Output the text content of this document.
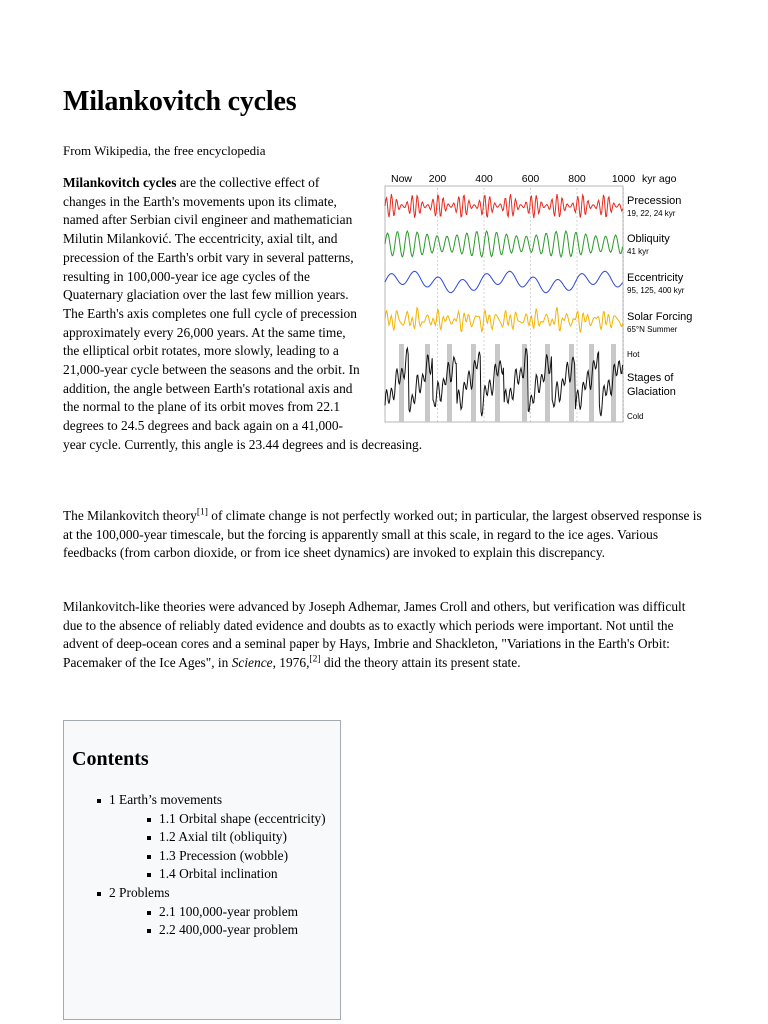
Milankovitch cycles
From Wikipedia, the free encyclopedia
Now 200	400	600	800 1000 kyr ago
Precession
19, 22, 24 kyr
Obliquity
41 kyr
Eccentricity
95, 125, 400 kyr
Solar Forcing
65°N Summer
Hot
Stages of
Glaciation
Cold

Milankovitch cycles are the collective effect of changes in the Earth's movements upon its climate, named after Serbian civil engineer and mathematician Milutin Milanković. The eccentricity, axial tilt, and precession of the Earth's orbit vary in several patterns, resulting in 100,000-year ice age cycles of the Quaternary glaciation over the last few million years. The Earth's axis completes one full cycle of precession approximately every 26,000 years. At the same time, the elliptical orbit rotates, more slowly, leading to a 21,000-year cycle between the seasons and the orbit. In addition, the angle between Earth's rotational axis and the normal to the plane of its orbit moves from 22.1 degrees to 24.5 degrees and back again on a 41,000-year cycle. Currently, this angle is 23.44 degrees and is decreasing.

The Milankovitch theory[1] of climate change is not perfectly worked out; in particular, the largest observed response is at the 100,000-year timescale, but the forcing is apparently small at this scale, in regard to the ice ages. Various feedbacks (from carbon dioxide, or from ice sheet dynamics) are invoked to explain this discrepancy.

Milankovitch-like theories were advanced by Joseph Adhemar, James Croll and others, but verification was difficult due to the absence of reliably dated evidence and doubts as to exactly which periods were important. Not until the advent of deep-ocean cores and a seminal paper by Hays, Imbrie and Shackleton, "Variations in the Earth's Orbit: Pacemaker of the Ice Ages", in Science, 1976,[2] did the theory attain its present state.

Contents
1 Earth’s movements
1.1 Orbital shape (eccentricity)
1.2 Axial tilt (obliquity)
1.3 Precession (wobble)
1.4 Orbital inclination
2 Problems
2.1 100,000-year problem
2.2 400,000-year problem
